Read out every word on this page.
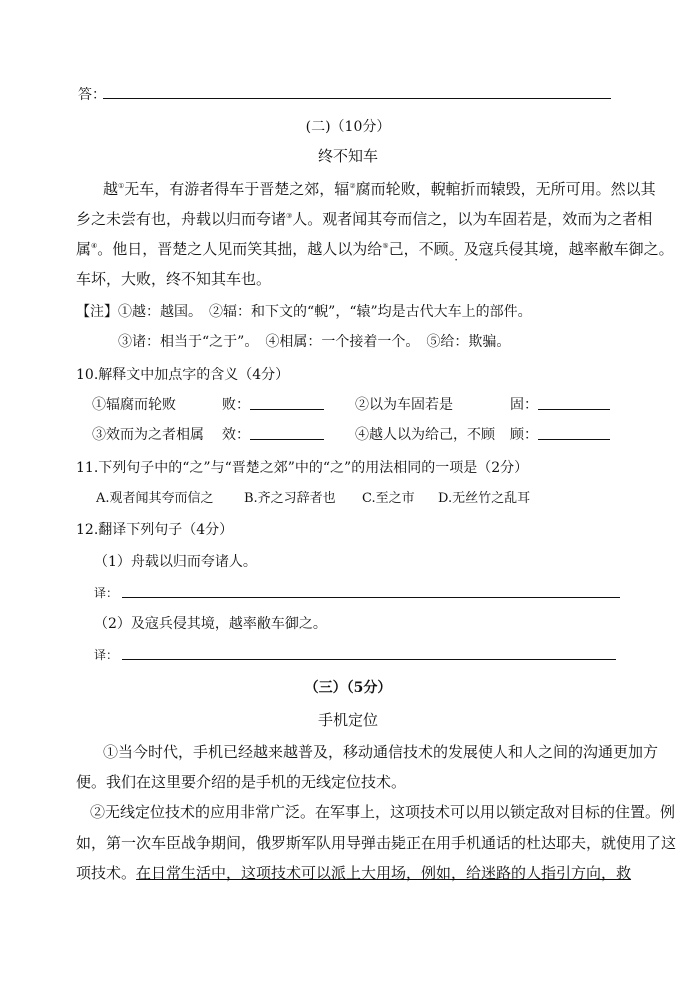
答：
(二)（10分）
终不知车
越①无车，有游者得车于晋楚之郊，辐②腐而轮败，輗輨折而辕毁，无所可用。然以其
乡之未尝有也，舟载以归而夸诸③人。观者闻其夸而信之，以为车固若是，效而为之者相
属④。他日，晋楚之人见而笑其拙，越人以为给⑤己，不顾。 ·及寇兵侵其境，越率敝车御之。
车坏，大败，终不知其车也。
【注】①越：越国。　②辐：和下文的“輗”，“辕”均是古代大车上的部件。
③诸：相当于“之于”。　④相属：一个接着一个。　⑤给：欺骗。
10.解释文中加点字的含义（4分）
①辐腐而轮败	败：	②以为车固若是	固：
③效而为之者相属 效：	④越人以为给己，不顾 顾：
11.下列句子中的“之”与“晋楚之郊”中的“之”的用法相同的一项是（2分）
A.观者闻其夸而信之 B.齐之习辞者也 C.至之市 D.无丝竹之乱耳
12.翻译下列句子（4分）
（1）舟载以归而夸诸人。
译：
（2）及寇兵侵其境，越率敝车御之。
译：
（三）（5分）
手机定位
①当今时代，手机已经越来越普及，移动通信技术的发展使人和人之间的沟通更加方
便。我们在这里要介绍的是手机的无线定位技术。
②无线定位技术的应用非常广泛。在军事上，这项技术可以用以锁定敌对目标的住置。例
如，第一次车臣战争期间，俄罗斯军队用导弹击毙正在用手机通话的杜达耶夫，就使用了这
项技术。在日常生活中，这项技术可以派上大用场，例如，给迷路的人指引方向，救
